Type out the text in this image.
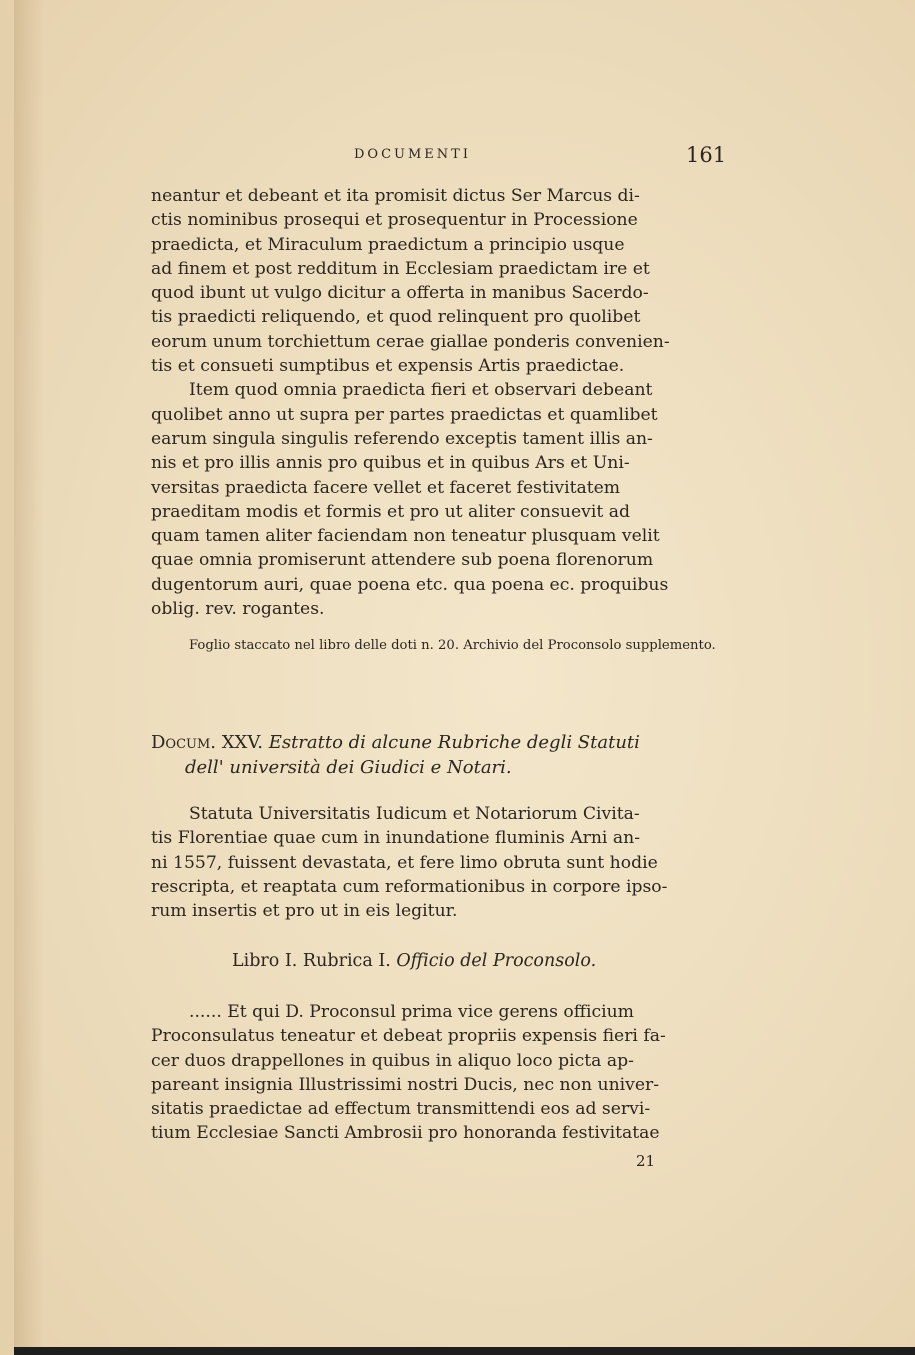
DOCUMENTI	161
neantur et debeant et ita promisit dictus Ser Marcus di-
ctis nominibus prosequi et prosequentur in Processione
praedicta, et Miraculum praedictum a principio usque
ad finem et post redditum in Ecclesiam praedictam ire et
quod ibunt ut vulgo dicitur a offerta in manibus Sacerdo-
tis praedicti reliquendo, et quod relinquent pro quolibet
eorum unum torchiettum cerae giallae ponderis convenien-
tis et consueti sumptibus et expensis Artis praedictae.
Item quod omnia praedicta fieri et observari debeant
quolibet anno ut supra per partes praedictas et quamlibet
earum singula singulis referendo exceptis tament illis an-
nis et pro illis annis pro quibus et in quibus Ars et Uni-
versitas praedicta facere vellet et faceret festivitatem
praeditam modis et formis et pro ut aliter consuevit ad
quam tamen aliter faciendam non teneatur plusquam velit
quae omnia promiserunt attendere sub poena florenorum
dugentorum auri, quae poena etc. qua poena ec. proquibus
oblig. rev. rogantes.
Foglio staccato nel libro delle doti n. 20. Archivio del Proconsolo supplemento.
Docum. XXV. Estratto di alcune Rubriche degli Statuti
dell' università dei Giudici e Notari.
Statuta Universitatis Iudicum et Notariorum Civita-
tis Florentiae quae cum in inundatione fluminis Arni an-
ni 1557, fuissent devastata, et fere limo obruta sunt hodie
rescripta, et reaptata cum reformationibus in corpore ipso-
rum insertis et pro ut in eis legitur.
Libro I. Rubrica I. Officio del Proconsolo.
...... Et qui D. Proconsul prima vice gerens officium
Proconsulatus teneatur et debeat propriis expensis fieri fa-
cer duos drappellones in quibus in aliquo loco picta ap-
pareant insignia Illustrissimi nostri Ducis, nec non univer-
sitatis praedictae ad effectum transmittendi eos ad servi-
tium Ecclesiae Sancti Ambrosii pro honoranda festivitatae
21
